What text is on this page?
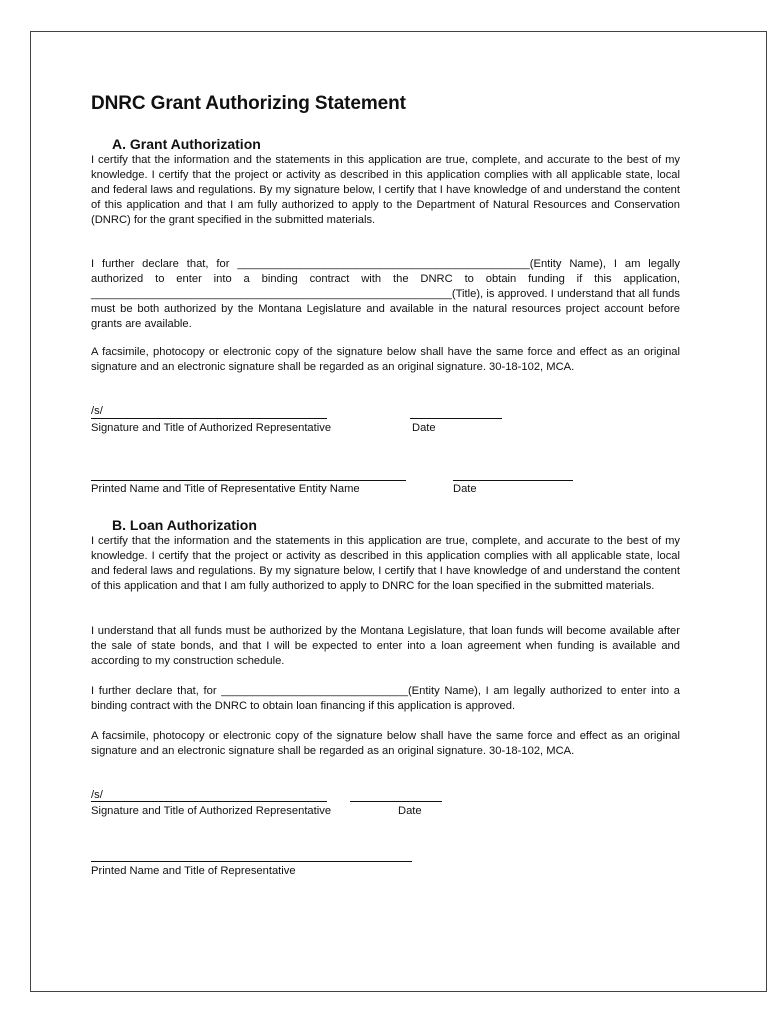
DNRC Grant Authorizing Statement
A. Grant Authorization

I certify that the information and the statements in this application are true, complete, and accurate to the best of my knowledge. I certify that the project or activity as described in this application complies with all applicable state, local and federal laws and regulations. By my signature below, I certify that I have knowledge of and understand the content of this application and that I am fully authorized to apply to the Department of Natural Resources and Conservation (DNRC) for the grant specified in the submitted materials.

I further declare that, for _______________________________________________(Entity Name), I am legally authorized to enter into a binding contract with the DNRC to obtain funding if this application, __________________________________________________________(Title), is approved. I understand that all funds must be both authorized by the Montana Legislature and available in the natural resources project account before grants are available.

A facsimile, photocopy or electronic copy of the signature below shall have the same force and effect as an original signature and an electronic signature shall be regarded as an original signature. 30-18-102, MCA.

/s/
Signature and Title of Authorized Representative	Date
Printed Name and Title of Representative Entity Name	Date
B. Loan Authorization

I certify that the information and the statements in this application are true, complete, and accurate to the best of my knowledge. I certify that the project or activity as described in this application complies with all applicable state, local and federal laws and regulations. By my signature below, I certify that I have knowledge of and understand the content of this application and that I am fully authorized to apply to DNRC for the loan specified in the submitted materials.

I understand that all funds must be authorized by the Montana Legislature, that loan funds will become available after the sale of state bonds, and that I will be expected to enter into a loan agreement when funding is available and according to my construction schedule.

I further declare that, for ______________________________(Entity Name), I am legally authorized to enter into a binding contract with the DNRC to obtain loan financing if this application is approved.

A facsimile, photocopy or electronic copy of the signature below shall have the same force and effect as an original signature and an electronic signature shall be regarded as an original signature. 30-18-102, MCA.

/s/
Signature and Title of Authorized Representative	Date
Printed Name and Title of Representative
